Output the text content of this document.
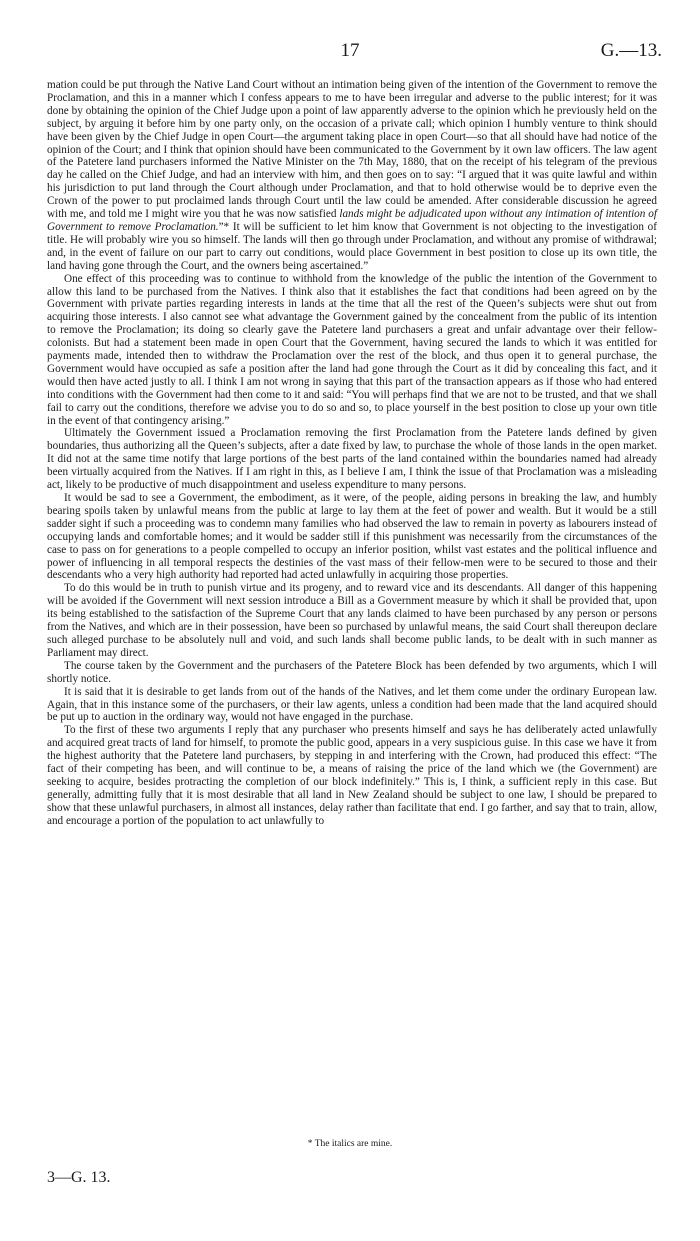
17	G.—13.

mation could be put through the Native Land Court without an intimation being given of the intention of the Government to remove the Proclamation, and this in a manner which I confess appears to me to have been irregular and adverse to the public interest; for it was done by obtaining the opinion of the Chief Judge upon a point of law apparently adverse to the opinion which he previously held on the subject, by arguing it before him by one party only, on the occasion of a private call; which opinion I humbly venture to think should have been given by the Chief Judge in open Court—the argument taking place in open Court—so that all should have had notice of the opinion of the Court; and I think that opinion should have been communicated to the Government by it own law officers. The law agent of the Patetere land purchasers informed the Native Minister on the 7th May, 1880, that on the receipt of his telegram of the previous day he called on the Chief Judge, and had an interview with him, and then goes on to say: “I argued that it was quite lawful and within his jurisdiction to put land through the Court although under Proclamation, and that to hold otherwise would be to deprive even the Crown of the power to put proclaimed lands through Court until the law could be amended. After considerable discussion he agreed with me, and told me I might wire you that he was now satisfied lands might be adjudicated upon without any intimation of intention of Government to remove Proclamation.”* It will be sufficient to let him know that Government is not objecting to the investigation of title. He will probably wire you so himself. The lands will then go through under Proclamation, and without any promise of withdrawal; and, in the event of failure on our part to carry out conditions, would place Government in best position to close up its own title, the land having gone through the Court, and the owners being ascertained.”

One effect of this proceeding was to continue to withhold from the knowledge of the public the intention of the Government to allow this land to be purchased from the Natives. I think also that it establishes the fact that conditions had been agreed on by the Government with private parties regarding interests in lands at the time that all the rest of the Queen’s subjects were shut out from acquiring those interests. I also cannot see what advantage the Government gained by the concealment from the public of its intention to remove the Proclamation; its doing so clearly gave the Patetere land purchasers a great and unfair advantage over their fellow-colonists. But had a statement been made in open Court that the Government, having secured the lands to which it was entitled for payments made, intended then to withdraw the Proclamation over the rest of the block, and thus open it to general purchase, the Government would have occupied as safe a position after the land had gone through the Court as it did by concealing this fact, and it would then have acted justly to all. I think I am not wrong in saying that this part of the transaction appears as if those who had entered into conditions with the Government had then come to it and said: “You will perhaps find that we are not to be trusted, and that we shall fail to carry out the conditions, therefore we advise you to do so and so, to place yourself in the best position to close up your own title in the event of that contingency arising.”

Ultimately the Government issued a Proclamation removing the first Proclamation from the Patetere lands defined by given boundaries, thus authorizing all the Queen’s subjects, after a date fixed by law, to purchase the whole of those lands in the open market. It did not at the same time notify that large portions of the best parts of the land contained within the boundaries named had already been virtually acquired from the Natives. If I am right in this, as I believe I am, I think the issue of that Proclamation was a misleading act, likely to be productive of much disappointment and useless expenditure to many persons.

It would be sad to see a Government, the embodiment, as it were, of the people, aiding persons in breaking the law, and humbly bearing spoils taken by unlawful means from the public at large to lay them at the feet of power and wealth. But it would be a still sadder sight if such a proceeding was to condemn many families who had observed the law to remain in poverty as labourers instead of occupying lands and comfortable homes; and it would be sadder still if this punishment was necessarily from the circumstances of the case to pass on for generations to a people compelled to occupy an inferior position, whilst vast estates and the political influence and power of influencing in all temporal respects the destinies of the vast mass of their fellow-men were to be secured to those and their descendants who a very high authority had reported had acted unlawfully in acquiring those properties.

To do this would be in truth to punish virtue and its progeny, and to reward vice and its descendants. All danger of this happening will be avoided if the Government will next session introduce a Bill as a Government measure by which it shall be provided that, upon its being established to the satisfaction of the Supreme Court that any lands claimed to have been purchased by any person or persons from the Natives, and which are in their possession, have been so purchased by unlawful means, the said Court shall thereupon declare such alleged purchase to be absolutely null and void, and such lands shall become public lands, to be dealt with in such manner as Parliament may direct.

The course taken by the Government and the purchasers of the Patetere Block has been defended by two arguments, which I will shortly notice.

It is said that it is desirable to get lands from out of the hands of the Natives, and let them come under the ordinary European law. Again, that in this instance some of the purchasers, or their law agents, unless a condition had been made that the land acquired should be put up to auction in the ordinary way, would not have engaged in the purchase.

To the first of these two arguments I reply that any purchaser who presents himself and says he has deliberately acted unlawfully and acquired great tracts of land for himself, to promote the public good, appears in a very suspicious guise. In this case we have it from the highest authority that the Patetere land purchasers, by stepping in and interfering with the Crown, had produced this effect: “The fact of their competing has been, and will continue to be, a means of raising the price of the land which we (the Government) are seeking to acquire, besides protracting the completion of our block indefinitely.” This is, I think, a sufficient reply in this case. But generally, admitting fully that it is most desirable that all land in New Zealand should be subject to one law, I should be prepared to show that these unlawful purchasers, in almost all instances, delay rather than facilitate that end. I go farther, and say that to train, allow, and encourage a portion of the population to act unlawfully to

* The italics are mine.
3—G. 13.
